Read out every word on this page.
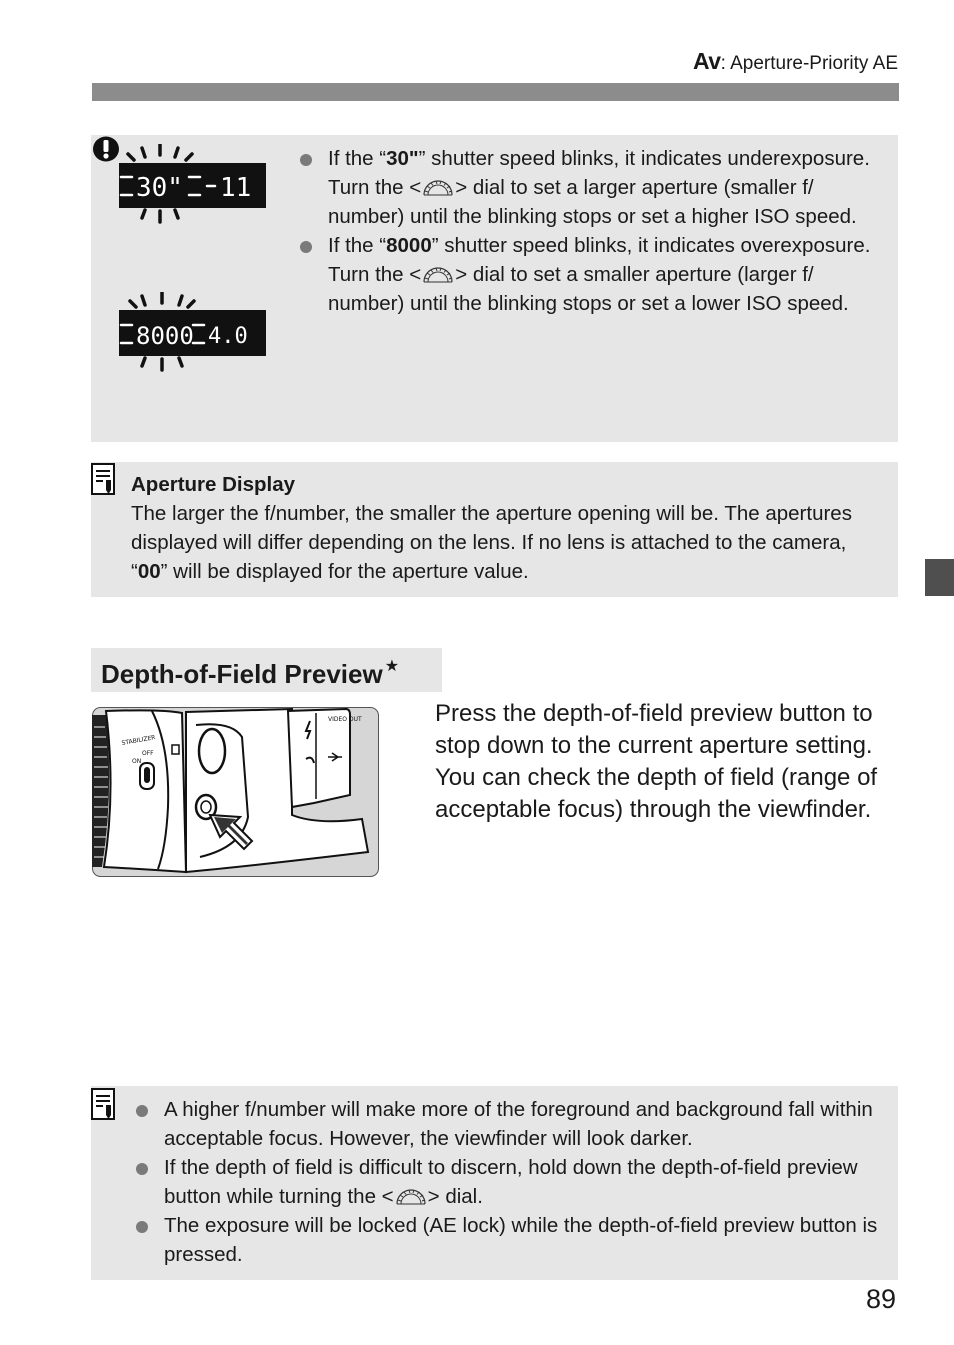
Av: Aperture-Priority AE
30" 11
8000 4.0
If the “30"” shutter speed blinks, it indicates underexposure.
Turn the < > dial to set a larger aperture (smaller f/ number) until the blinking stops or set a higher ISO speed.
If the “8000” shutter speed blinks, it indicates overexposure.
Turn the < > dial to set a smaller aperture (larger f/ number) until the blinking stops or set a lower ISO speed.
Aperture Display
The larger the f/number, the smaller the aperture opening will be. The apertures displayed will differ depending on the lens. If no lens is attached to the camera, “00” will be displayed for the aperture value.
Depth-of-Field Preview ★
STABILIZER
OFF
ON
VIDEO OUT	Press the depth-of-field preview button to stop down to the current aperture setting. You can check the depth of field (range of acceptable focus) through the viewfinder.
A higher f/number will make more of the foreground and background fall within acceptable focus. However, the viewfinder will look darker.
If the depth of field is difficult to discern, hold down the depth-of-field preview button while turning the < > dial.
The exposure will be locked (AE lock) while the depth-of-field preview button is pressed.
89
